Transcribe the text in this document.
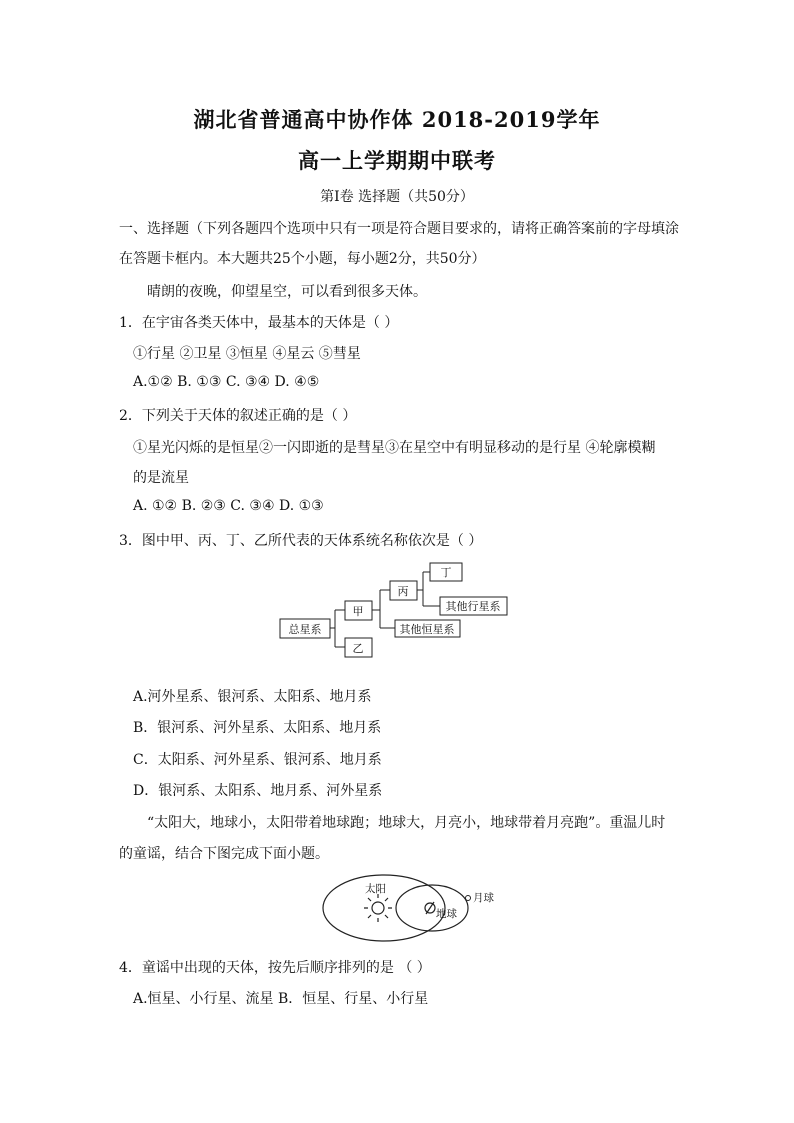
湖北省普通高中协作体 2018-2019学年
高一上学期期中联考
第Ⅰ卷 选择题（共50分）
一、选择题（下列各题四个选项中只有一项是符合题目要求的，请将正确答案前的字母填涂
在答题卡框内。本大题共25个小题，每小题2分，共50分）
晴朗的夜晚，仰望星空，可以看到很多天体。
1．在宇宙各类天体中，最基本的天体是（ ）
①行星 ②卫星 ③恒星 ④星云 ⑤彗星
A.①② B. ①③ C. ③④ D. ④⑤
2．下列关于天体的叙述正确的是（ ）
①星光闪烁的是恒星②一闪即逝的是彗星③在星空中有明显移动的是行星 ④轮廓模糊
的是流星
A. ①② B. ②③ C. ③④ D. ①③
3．图中甲、丙、丁、乙所代表的天体系统名称依次是（ ）
总星系
甲
乙
丙
其他恒星系
丁
其他行星系
A.河外星系、银河系、太阳系、地月系
B．银河系、河外星系、太阳系、地月系
C．太阳系、河外星系、银河系、地月系
D．银河系、太阳系、地月系、河外星系
“太阳大，地球小，太阳带着地球跑；地球大，月亮小，地球带着月亮跑”。重温儿时
的童谣，结合下图完成下面小题。
太阳
地球
月球
4．童谣中出现的天体，按先后顺序排列的是 （ ）
A.恒星、小行星、流星 B．恒星、行星、小行星
